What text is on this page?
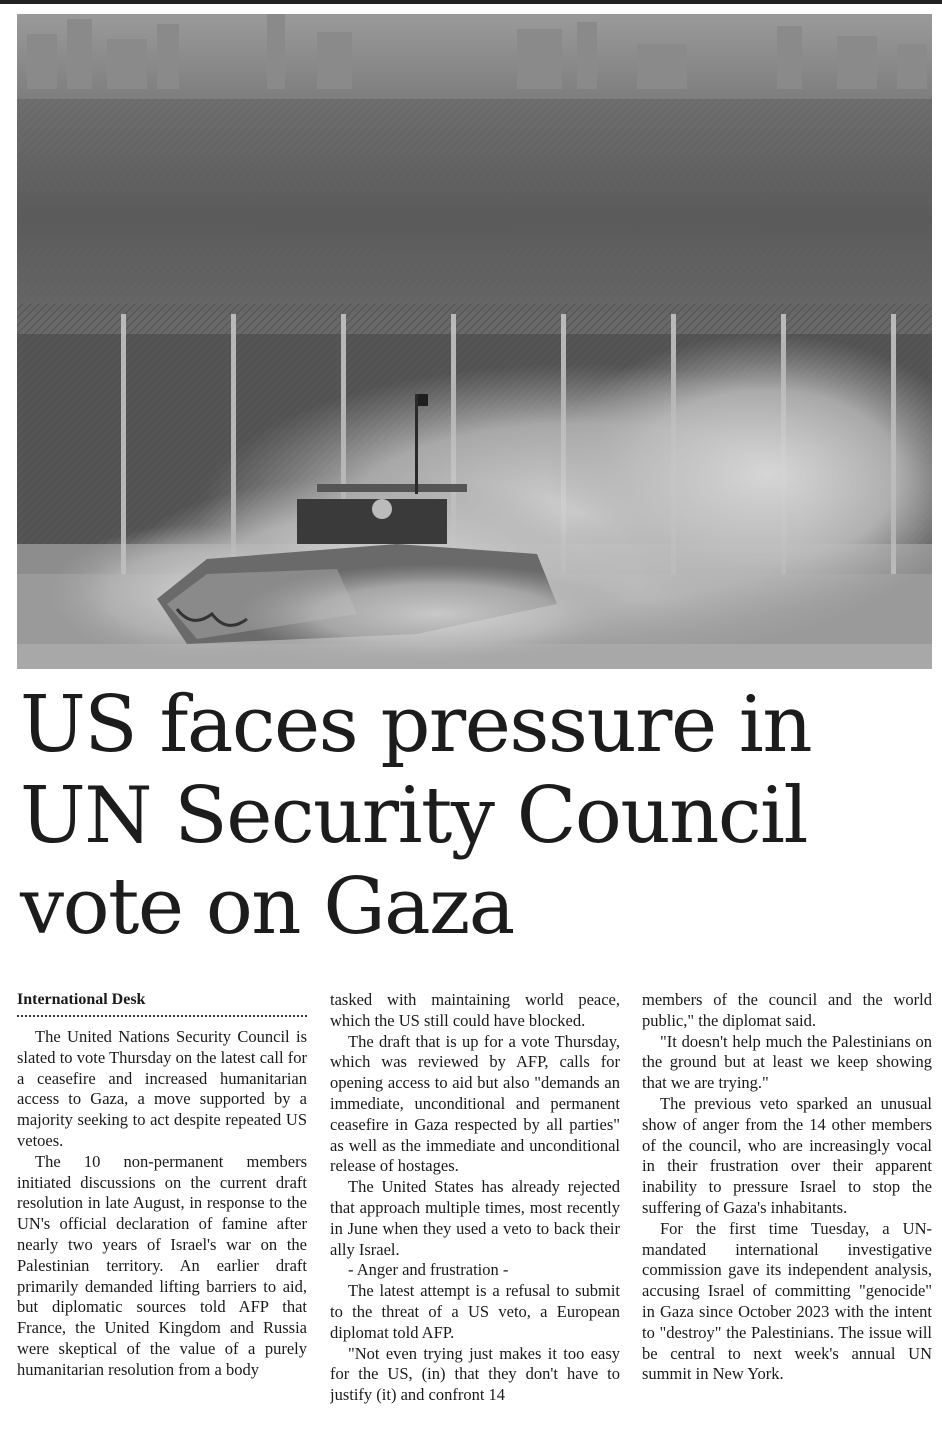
US faces pressure in
UN Security Council
vote on Gaza
International Desk

The United Nations Security Council is slated to vote Thursday on the latest call for a ceasefire and increased humanitarian access to Gaza, a move supported by a majority seeking to act despite repeated US vetoes.

The 10 non-permanent members initiated discussions on the current draft resolution in late August, in response to the UN's official declaration of famine after nearly two years of Israel's war on the Palestinian territory. An earlier draft primarily demanded lifting barriers to aid, but diplomatic sources told AFP that France, the United Kingdom and Russia were skeptical of the value of a purely humanitarian resolution from a body

tasked with maintaining world peace, which the US still could have blocked.

The draft that is up for a vote Thursday, which was reviewed by AFP, calls for opening access to aid but also "demands an immediate, unconditional and permanent ceasefire in Gaza respected by all parties" as well as the immediate and unconditional release of hostages.

The United States has already rejected that approach multiple times, most recently in June when they used a veto to back their ally Israel.

- Anger and frustration -

The latest attempt is a refusal to submit to the threat of a US veto, a European diplomat told AFP.

"Not even trying just makes it too easy for the US, (in) that they don't have to justify (it) and confront 14

members of the council and the world public," the diplomat said.

"It doesn't help much the Palestinians on the ground but at least we keep showing that we are trying."

The previous veto sparked an unusual show of anger from the 14 other members of the council, who are increasingly vocal in their frustration over their apparent inability to pressure Israel to stop the suffering of Gaza's inhabitants.

For the first time Tuesday, a UN-mandated international investigative commission gave its independent analysis, accusing Israel of committing "genocide" in Gaza since October 2023 with the intent to "destroy" the Palestinians. The issue will be central to next week's annual UN summit in New York.
